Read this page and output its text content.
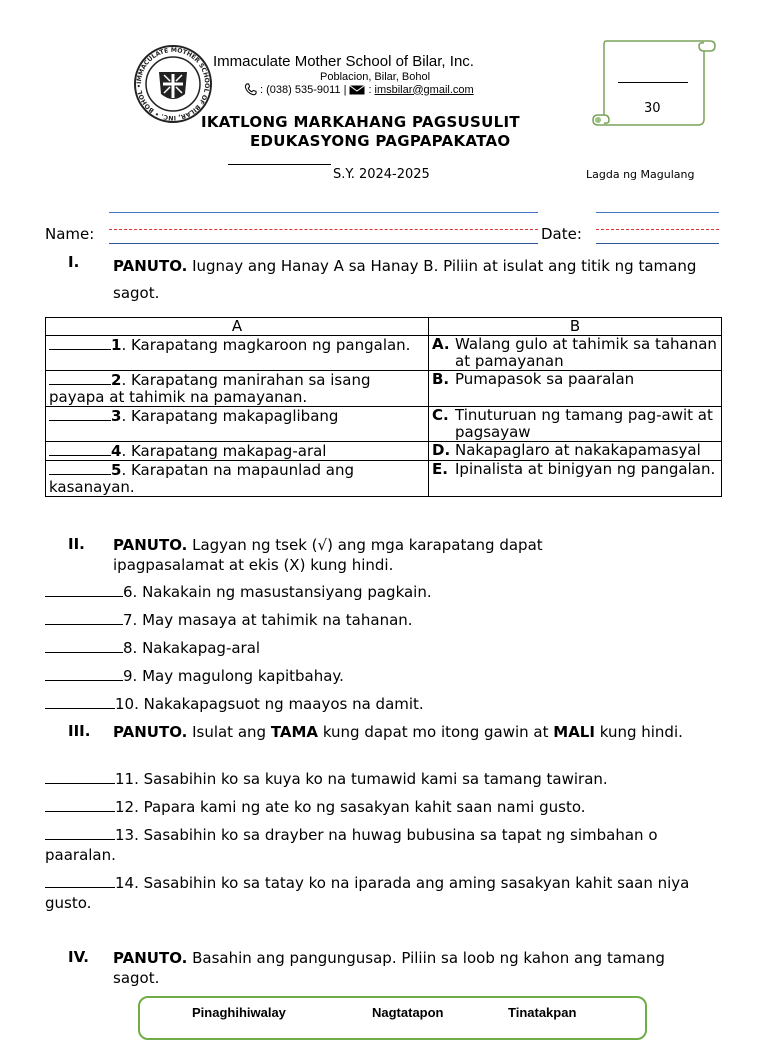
IMMACULATE MOTHER SCHOOL OF BILAR, INC. • BOHOL •
Immaculate Mother School of Bilar, Inc.
Poblacion, Bilar, Bohol
: (038) 535-9011 | : imsbilar@gmail.com
IKATLONG MARKAHANG PAGSUSULIT
EDUKASYONG PAGPAPAKATAO
S.Y. 2024-2025	Lagda ng Magulang
30
Name:	Date:
I. PANUTO. Iugnay ang Hanay A sa Hanay B. Piliin at isulat ang titik ng tamang sagot.
A	B
1. Karapatang magkaroon ng pangalan.	A. Walang gulo at tahimik sa tahanan at pamayanan

2. Karapatang manirahan sa isang payapa at tahimik na pamayanan.	B. Pumapasok sa paaralan

3. Karapatang makapaglibang	C. Tinuturuan ng tamang pag-awit at pagsayaw

4. Karapatang makapag-aral	D. Nakapaglaro at nakakapamasyal

5. Karapatan na mapaunlad ang kasanayan.	E. Ipinalista at binigyan ng pangalan.
II. PANUTO. Lagyan ng tsek (√) ang mga karapatang dapat ipagpasalamat at ekis (X) kung hindi.
6. Nakakain ng masustansiyang pagkain.
7. May masaya at tahimik na tahanan.
8. Nakakapag-aral
9. May magulong kapitbahay.
10. Nakakapagsuot ng maayos na damit.
III. PANUTO. Isulat ang TAMA kung dapat mo itong gawin at MALI kung hindi.
11. Sasabihin ko sa kuya ko na tumawid kami sa tamang tawiran.
12. Papara kami ng ate ko ng sasakyan kahit saan nami gusto.
13. Sasabihin ko sa drayber na huwag bubusina sa tapat ng simbahan o paaralan.
14. Sasabihin ko sa tatay ko na iparada ang aming sasakyan kahit saan niya gusto.
IV. PANUTO. Basahin ang pangungusap. Piliin sa loob ng kahon ang tamang sagot.
Pinaghihiwalay	Nagtatapon	Tinatakpan
